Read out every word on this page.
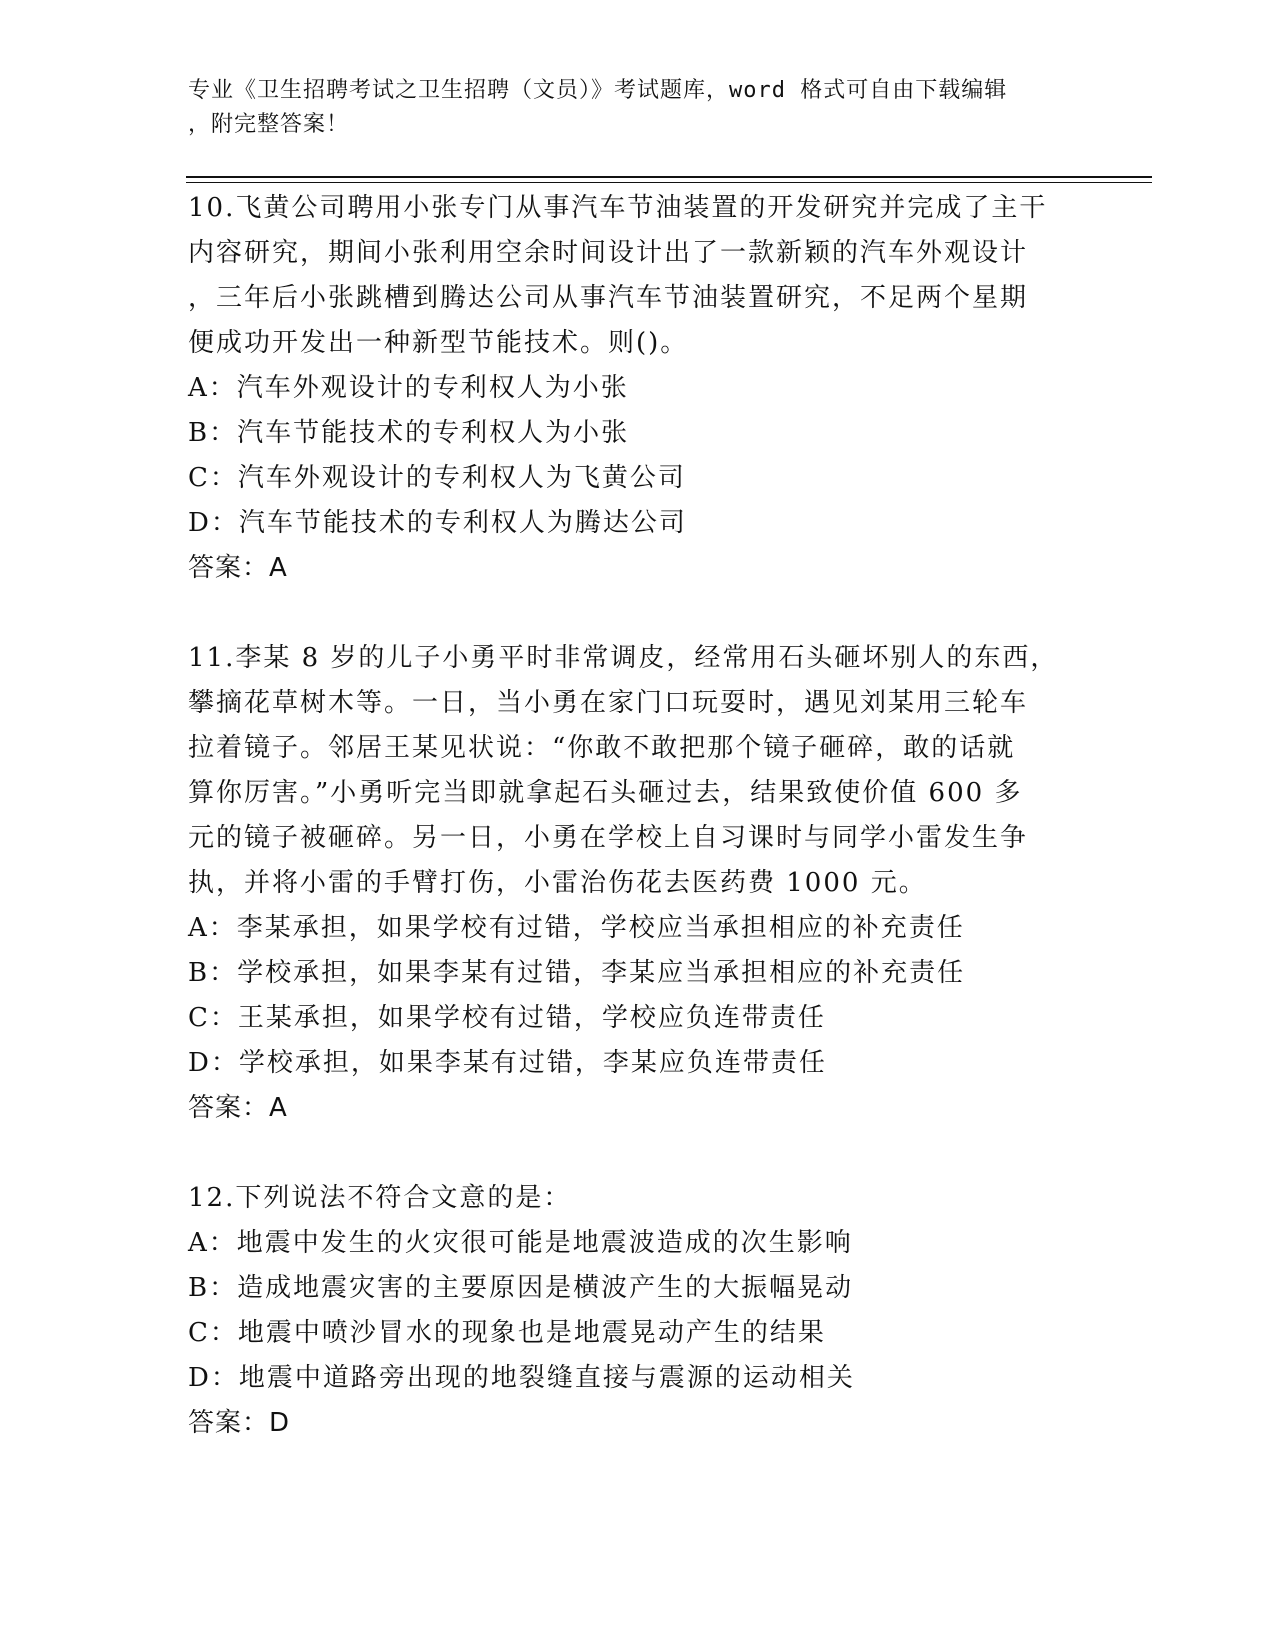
专业《卫生招聘考试之卫生招聘（文员）》考试题库，word 格式可自由下载编辑
，附完整答案！

10.飞黄公司聘用小张专门从事汽车节油装置的开发研究并完成了主干

内容研究，期间小张利用空余时间设计出了一款新颖的汽车外观设计

，三年后小张跳槽到腾达公司从事汽车节油装置研究，不足两个星期

便成功开发出一种新型节能技术。则()。

A：汽车外观设计的专利权人为小张

B：汽车节能技术的专利权人为小张

C：汽车外观设计的专利权人为飞黄公司

D：汽车节能技术的专利权人为腾达公司

答案：A

11.李某 8 岁的儿子小勇平时非常调皮，经常用石头砸坏别人的东西，

攀摘花草树木等。一日，当小勇在家门口玩耍时，遇见刘某用三轮车

拉着镜子。邻居王某见状说：“你敢不敢把那个镜子砸碎，敢的话就

算你厉害。”小勇听完当即就拿起石头砸过去，结果致使价值 600 多

元的镜子被砸碎。另一日，小勇在学校上自习课时与同学小雷发生争

执，并将小雷的手臂打伤，小雷治伤花去医药费 1000 元。

A：李某承担，如果学校有过错，学校应当承担相应的补充责任

B：学校承担，如果李某有过错，李某应当承担相应的补充责任

C：王某承担，如果学校有过错，学校应负连带责任

D：学校承担，如果李某有过错，李某应负连带责任

答案：A

12.下列说法不符合文意的是：

A：地震中发生的火灾很可能是地震波造成的次生影响

B：造成地震灾害的主要原因是横波产生的大振幅晃动

C：地震中喷沙冒水的现象也是地震晃动产生的结果

D：地震中道路旁出现的地裂缝直接与震源的运动相关

答案：D
